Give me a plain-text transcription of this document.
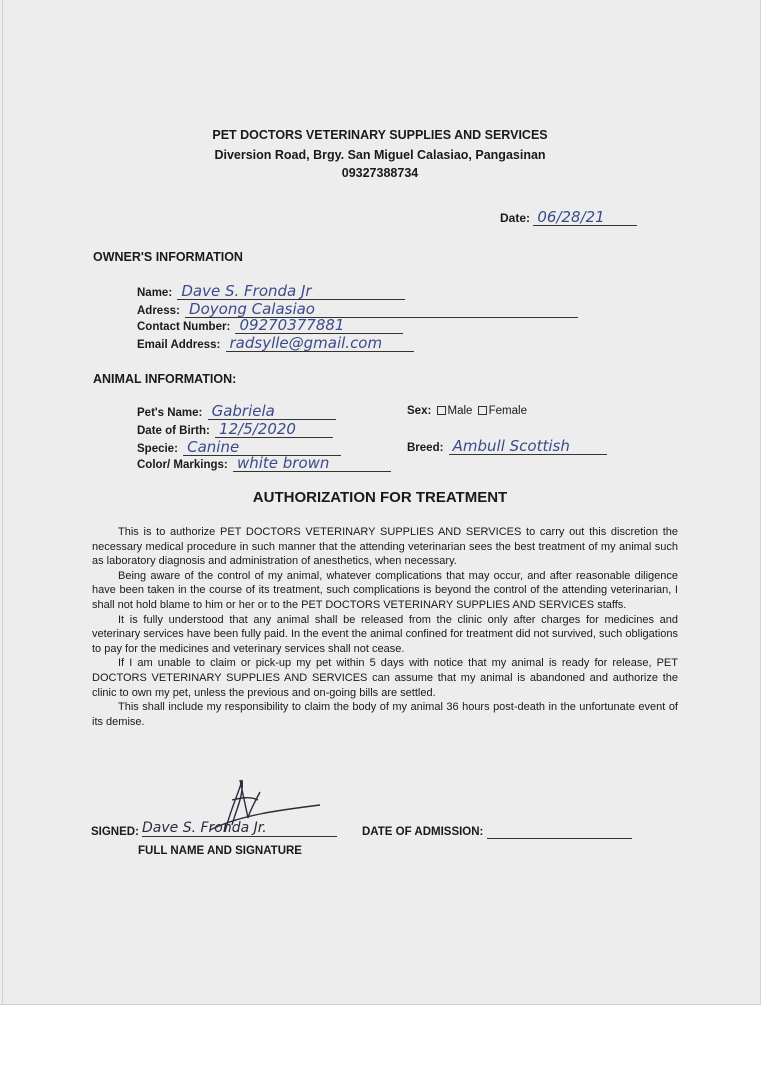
PET DOCTORS VETERINARY SUPPLIES AND SERVICES
Diversion Road, Brgy. San Miguel Calasiao, Pangasinan
09327388734
Date: 06/28/21
OWNER'S INFORMATION
Name: Dave S. Fronda Jr
Adress: Doyong Calasiao
Contact Number: 09270377881
Email Address: radsylle@gmail.com
ANIMAL INFORMATION:
Pet's Name: Gabriela
Date of Birth: 12/5/2020
Specie: Canine
Color/ Markings: white brown
Sex: Male Female
Breed: Ambull Scottish
AUTHORIZATION FOR TREATMENT

This is to authorize PET DOCTORS VETERINARY SUPPLIES AND SERVICES to carry out this discretion the necessary medical procedure in such manner that the attending veterinarian sees the best treatment of my animal such as laboratory diagnosis and administration of anesthetics, when necessary.

Being aware of the control of my animal, whatever complications that may occur, and after reasonable diligence have been taken in the course of its treatment, such complications is beyond the control of the attending veterinarian, I shall not hold blame to him or her or to the PET DOCTORS VETERINARY SUPPLIES AND SERVICES staffs.

It is fully understood that any animal shall be released from the clinic only after charges for medicines and veterinary services have been fully paid. In the event the animal confined for treatment did not survived, such obligations to pay for the medicines and veterinary services shall not cease.

If I am unable to claim or pick-up my pet within 5 days with notice that my animal is ready for release, PET DOCTORS VETERINARY SUPPLIES AND SERVICES can assume that my animal is abandoned and authorize the clinic to own my pet, unless the previous and on-going bills are settled.

This shall include my responsibility to claim the body of my animal 36 hours post-death in the unfortunate event of its demise.

SIGNED: Dave S. Fronda Jr.
FULL NAME AND SIGNATURE
DATE OF ADMISSION:
